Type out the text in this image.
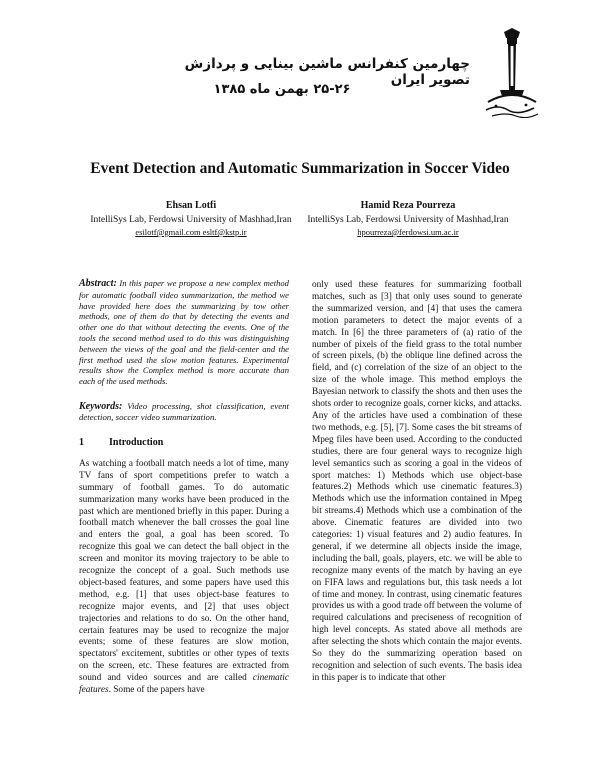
چهارمین کنفرانس ماشین بینایی و پردازش تصویر ایران
۲۵-۲۶ بهمن ماه ۱۳۸۵
Event Detection and Automatic Summarization in Soccer Video
Ehsan Lotfi
IntelliSys Lab, Ferdowsi University of Mashhad,Iran
esilotf@gmail.com esltf@kstp.ir
Hamid Reza Pourreza
IntelliSys Lab, Ferdowsi University of Mashhad,Iran
hpourreza@ferdowsi.um.ac.ir

Abstract: In this paper we propose a new complex method for automatic football video summarization, the method we have provided here does the summarizing by tow other methods, one of them do that by detecting the events and other one do that without detecting the events. One of the tools the second method used to do this was distinguishing between the views of the goal and the field-center and the first method used the slow motion features. Experimental results show the Complex method is more accurate than each of the used methods.

Keywords: Video processing, shot classification, event detection, soccer video summarization.

1	Introduction

As watching a football match needs a lot of time, many TV fans of sport competitions prefer to watch a summary of football games. To do automatic summarization many works have been produced in the past which are mentioned briefly in this paper. During a football match whenever the ball crosses the goal line and enters the goal, a goal has been scored. To recognize this goal we can detect the ball object in the screen and monitor its moving trajectory to be able to recognize the concept of a goal. Such methods use object-based features, and some papers have used this method, e.g. [1] that uses object-base features to recognize major events, and [2] that uses object trajectories and relations to do so. On the other hand, certain features may be used to recognize the major events; some of these features are slow motion, spectators' excitement, subtitles or other types of texts on the screen, etc. These features are extracted from sound and video sources and are called cinematic features. Some of the papers have

only used these features for summarizing football matches, such as [3] that only uses sound to generate the summarized version, and [4] that uses the camera motion parameters to detect the major events of a match. In [6] the three parameters of (a) ratio of the number of pixels of the field grass to the total number of screen pixels, (b) the oblique line defined across the field, and (c) correlation of the size of an object to the size of the whole image. This method employs the Bayesian network to classify the shots and then uses the shots order to recognize goals, corner kicks, and attacks. Any of the articles have used a combination of these two methods, e.g. [5], [7]. Some cases the bit streams of Mpeg files have been used. According to the conducted studies, there are four general ways to recognize high level semantics such as scoring a goal in the videos of sport matches: 1) Methods which use object-base features.2) Methods which use cinematic features.3) Methods which use the information contained in Mpeg bit streams.4) Methods which use a combination of the above. Cinematic features are divided into two categories: 1) visual features and 2) audio features. In general, if we determine all objects inside the image, including the ball, goals, players, etc. we will be able to recognize many events of the match by having an eye on FIFA laws and regulations but, this task needs a lot of time and money. In contrast, using cinematic features provides us with a good trade off between the volume of required calculations and preciseness of recognition of high level concepts. As stated above all methods are after selecting the shots which contain the major events. So they do the summarizing operation based on recognition and selection of such events. The basis idea in this paper is to indicate that other
